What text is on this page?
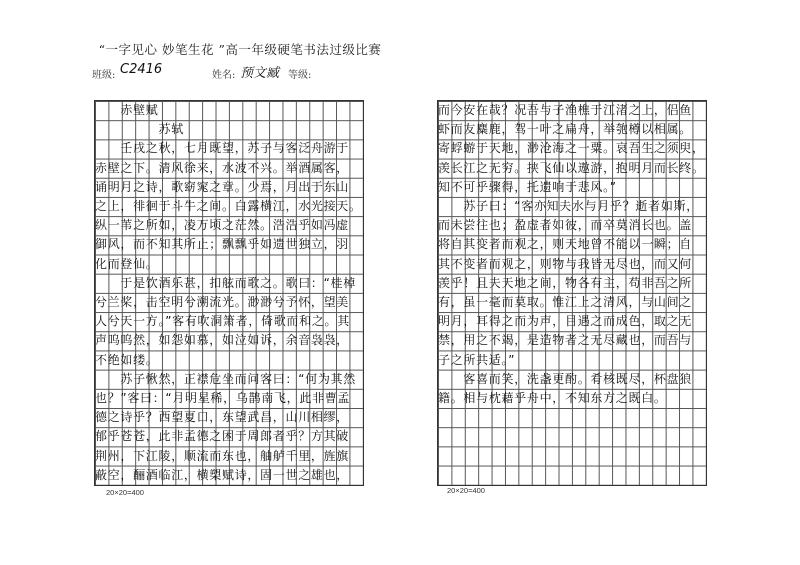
“一字见心 妙笔生花 ”高一年级硬笔书法过级比赛
班级: C2416	姓名: 预文臧 等级:
　　赤壁赋
　　　　　苏轼
　　壬戌之秋，七月既望，苏子与客泛舟游于
赤壁之下。清风徐来，水波不兴。举酒属客，
诵明月之诗，歌窈窕之章。少焉，月出于东山
之上，徘徊于斗牛之间。白露横江，水光接天。
纵一苇之所如，凌万顷之茫然。浩浩乎如冯虚
御风，而不知其所止；飘飘乎如遗世独立，羽
化而登仙。
　　于是饮酒乐甚，扣舷而歌之。歌曰：“桂棹
兮兰桨，击空明兮溯流光。渺渺兮予怀，望美
人兮天一方。”客有吹洞箫者，倚歌而和之。其
声呜呜然，如怨如慕，如泣如诉，余音袅袅，
不绝如缕。
　　苏子愀然，正襟危坐而问客曰：“何为其然
也？”客曰：“月明星稀，乌鹊南飞，此非曹孟
德之诗乎？西望夏口，东望武昌，山川相缪，
郁乎苍苍，此非孟德之困于周郎者乎？方其破
荆州，下江陵，顺流而东也，舳舻千里，旌旗
蔽空，酾酒临江，横槊赋诗，固一世之雄也，
20×20=400
而今安在哉？况吾与子渔樵于江渚之上，侣鱼
虾而友麋鹿，驾一叶之扁舟，举匏樽以相属。
寄蜉蝣于天地，渺沧海之一粟。哀吾生之须臾，
羡长江之无穷。挟飞仙以遨游，抱明月而长终。
知不可乎骤得，托遗响于悲风。”
　　苏子曰：“客亦知夫水与月乎？逝者如斯，
而未尝往也；盈虚者如彼，而卒莫消长也。盖
将自其变者而观之，则天地曾不能以一瞬；自
其不变者而观之，则物与我皆无尽也，而又何
羡乎！且夫天地之间，物各有主，苟非吾之所
有，虽一毫而莫取。惟江上之清风，与山间之
明月，耳得之而为声，目遇之而成色，取之无
禁，用之不竭，是造物者之无尽藏也，而吾与
子之所共适。”
　　客喜而笑，洗盏更酌。肴核既尽，杯盘狼
籍。相与枕藉乎舟中，不知东方之既白。
20×20=400
